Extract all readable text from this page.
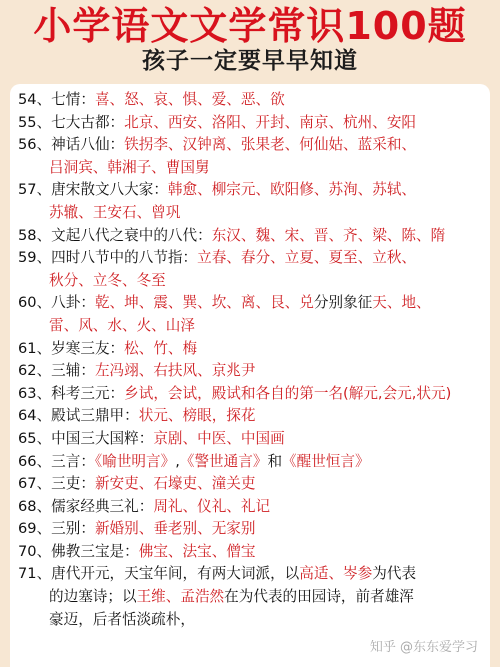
小学语文文学常识100题
孩子一定要早早知道
54、七情：喜、怒、哀、惧、爱、恶、欲
55、七大古都：北京、西安、洛阳、开封、南京、杭州、安阳
56、神话八仙：铁拐李、汉钟离、张果老、何仙姑、蓝采和、
吕洞宾、韩湘子、曹国舅
57、唐宋散文八大家：韩愈、柳宗元、欧阳修、苏洵、苏轼、
苏辙、王安石、曾巩
58、文起八代之衰中的八代：东汉、魏、宋、晋、齐、梁、陈、隋
59、四时八节中的八节指：立春、春分、立夏、夏至、立秋、
秋分、立冬、冬至
60、八卦：乾、坤、震、巽、坎、离、艮、兑分别象征天、地、
雷、风、水、火、山泽
61、岁寒三友：松、竹、梅
62、三辅：左冯翊、右扶风、京兆尹
63、科考三元：乡试，会试，殿试和各自的第一名(解元,会元,状元)
64、殿试三鼎甲：状元、榜眼，探花
65、中国三大国粹：京剧、中医、中国画
66、三言：《喻世明言》,《警世通言》和《醒世恒言》
67、三吏：新安吏、石壕吏、潼关吏
68、儒家经典三礼：周礼、仪礼、礼记
69、三别：新婚别、垂老别、无家别
70、佛教三宝是：佛宝、法宝、僧宝
71、唐代开元，天宝年间，有两大词派，以高适、岑参为代表
的边塞诗；以王维、孟浩然在为代表的田园诗，前者雄浑
豪迈，后者恬淡疏朴，
知乎 @东东爱学习
